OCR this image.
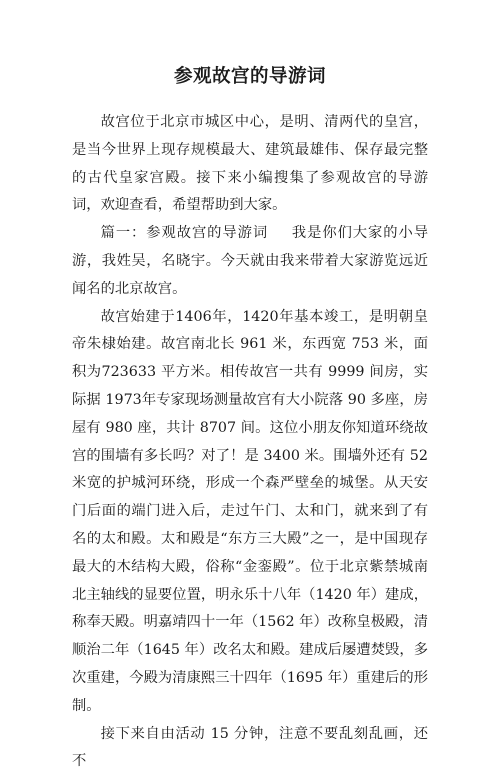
参观故宫的导游词

故宫位于北京市城区中心，是明、清两代的皇宫，是当今世界上现存规模最大、建筑最雄伟、保存最完整的古代皇家宫殿。接下来小编搜集了参观故宫的导游词，欢迎查看，希望帮助到大家。

篇一：参观故宫的导游词 我是你们大家的小导游，我姓吴，名晓宇。今天就由我来带着大家游览远近闻名的北京故宫。

故宫始建于1406年，1420年基本竣工，是明朝皇帝朱棣始建。故宫南北长 961 米，东西宽 753 米，面积为723633 平方米。相传故宫一共有 9999 间房，实际据 1973年专家现场测量故宫有大小院落 90 多座，房屋有 980 座，共计 8707 间。这位小朋友你知道环绕故宫的围墙有多长吗？对了！是 3400 米。围墙外还有 52 米宽的护城河环绕，形成一个森严壁垒的城堡。从天安门后面的端门进入后，走过午门、太和门，就来到了有名的太和殿。太和殿是“东方三大殿”之一，是中国现存最大的木结构大殿，俗称“金銮殿”。位于北京紫禁城南北主轴线的显要位置，明永乐十八年（1420 年）建成，称奉天殿。明嘉靖四十一年（1562 年）改称皇极殿，清顺治二年（1645 年）改名太和殿。建成后屡遭焚毁，多次重建，今殿为清康熙三十四年（1695 年）重建后的形制。

接下来自由活动 15 分钟，注意不要乱刻乱画，还不
